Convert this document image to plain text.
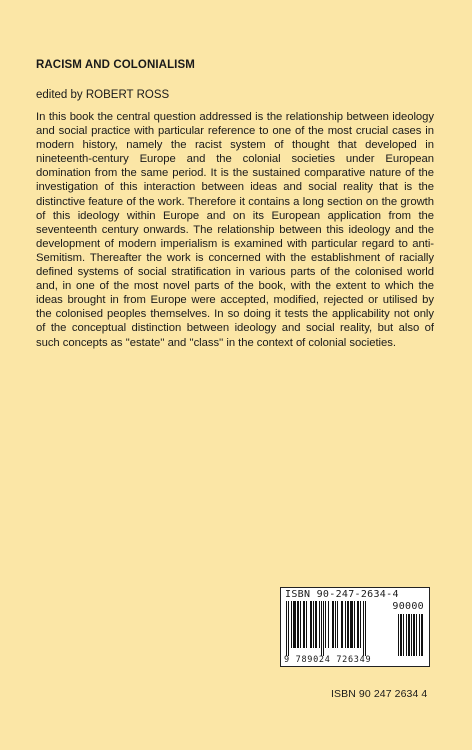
RACISM AND COLONIALISM
edited by ROBERT ROSS
In this book the central question addressed is the relationship between ideology and social practice with particular reference to one of the most crucial cases in modern history, namely the racist system of thought that developed in nineteenth-century Europe and the colonial societies under European domination from the same period. It is the sustained comparative nature of the investigation of this interaction between ideas and social reality that is the distinctive feature of the work. Therefore it contains a long section on the growth of this ideology within Europe and on its European application from the seventeenth century onwards. The relationship between this ideology and the development of modern imperialism is examined with particular regard to anti-Semitism. Thereafter the work is concerned with the establishment of racially defined systems of social stratification in various parts of the colonised world and, in one of the most novel parts of the book, with the extent to which the ideas brought in from Europe were accepted, modified, rejected or utilised by the colonised peoples themselves. In so doing it tests the applicability not only of the conceptual distinction between ideology and social reality, but also of such concepts as ''estate'' and ''class'' in the context of colonial societies.
ISBN 90-247-2634-4
90000
9 789024 726349
ISBN 90 247 2634 4
